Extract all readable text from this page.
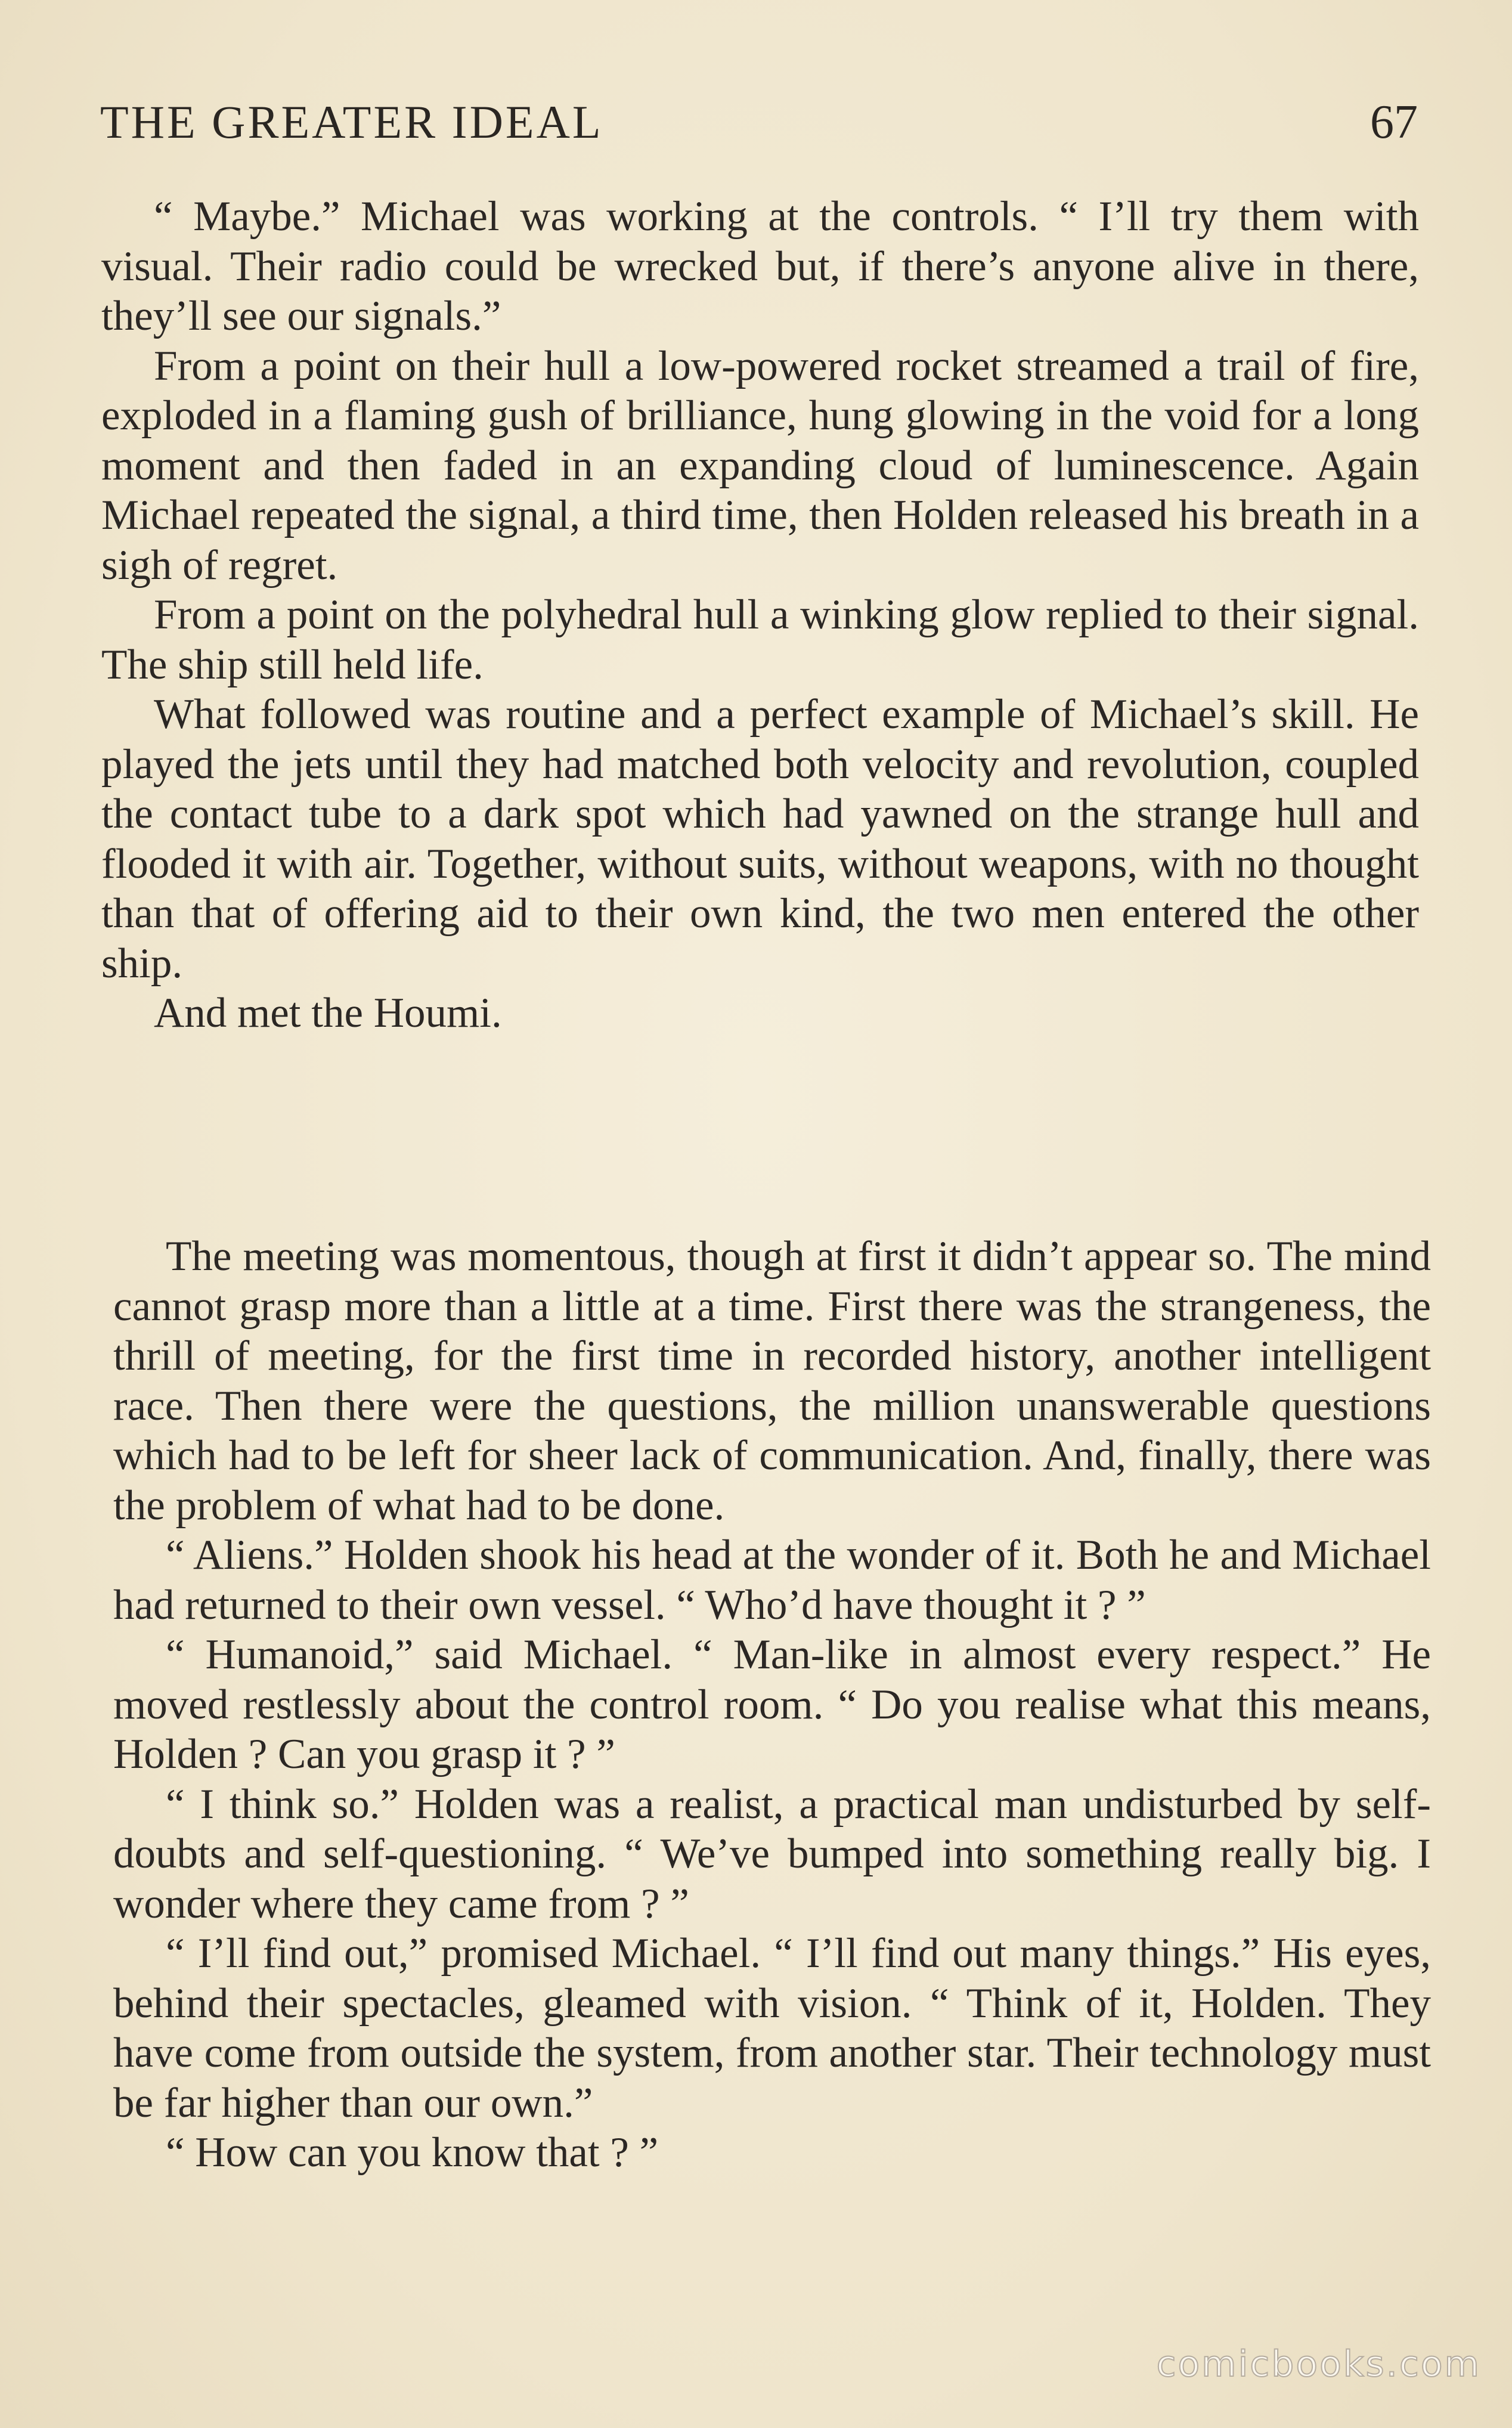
THE GREATER IDEAL	67

“ Maybe.” Michael was working at the controls. “ I’ll try them with visual. Their radio could be wrecked but, if there’s anyone alive in there, they’ll see our signals.”

From a point on their hull a low-powered rocket streamed a trail of fire, exploded in a flaming gush of brilliance, hung glowing in the void for a long moment and then faded in an expanding cloud of luminescence. Again Michael repeated the signal, a third time, then Holden released his breath in a sigh of regret.

From a point on the polyhedral hull a winking glow replied to their signal. The ship still held life.

What followed was routine and a perfect example of Michael’s skill. He played the jets until they had matched both velocity and revolution, coupled the contact tube to a dark spot which had yawned on the strange hull and flooded it with air. Together, without suits, without weapons, with no thought than that of offering aid to their own kind, the two men entered the other ship.

And met the Houmi.

The meeting was momentous, though at first it didn’t appear so. The mind cannot grasp more than a little at a time. First there was the strangeness, the thrill of meeting, for the first time in recorded history, another intelligent race. Then there were the questions, the million unanswerable questions which had to be left for sheer lack of communication. And, finally, there was the problem of what had to be done.

“ Aliens.” Holden shook his head at the wonder of it. Both he and Michael had returned to their own vessel. “ Who’d have thought it ? ”

“ Humanoid,” said Michael. “ Man-like in almost every respect.” He moved restlessly about the control room. “ Do you realise what this means, Holden ? Can you grasp it ? ”

“ I think so.” Holden was a realist, a practical man undisturbed by self-doubts and self-questioning. “ We’ve bumped into something really big. I wonder where they came from ? ”

“ I’ll find out,” promised Michael. “ I’ll find out many things.” His eyes, behind their spectacles, gleamed with vision. “ Think of it, Holden. They have come from outside the system, from another star. Their technology must be far higher than our own.”

“ How can you know that ? ”

comicbooks.com
